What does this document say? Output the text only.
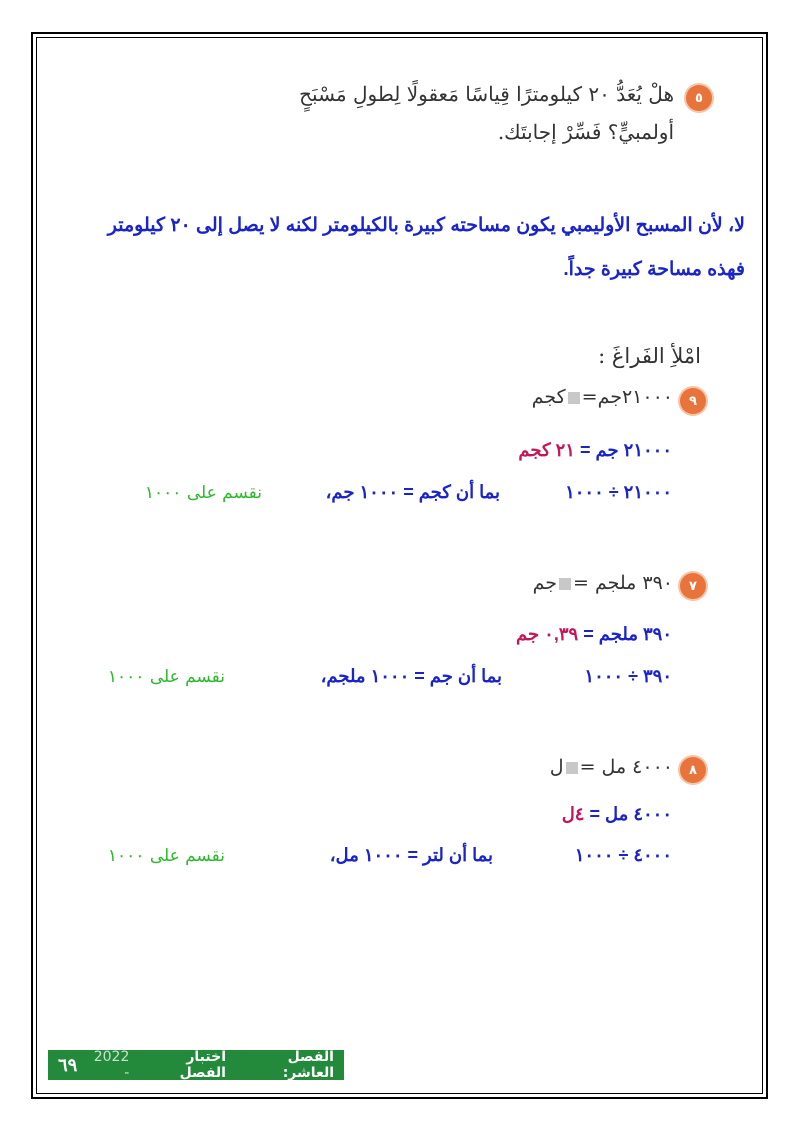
٥
هلْ يُعَدُّ ٢٠ كيلومترًا قِياسًا مَعقولًا لِطولِ مَسْبَحٍ
أولمبيٍّ؟ فَسِّرْ إجابتَك.
لا، لأن المسبح الأوليمبي يكون مساحته كبيرة بالكيلومتر لكنه لا يصل إلى ٢٠ كيلومتر
فهذه مساحة كبيرة جداً.
امْلأِ الفَراغَ :
٩
٢١٠٠٠جم=كجم
٢١٠٠٠ جم = ٢١ كجم
٢١٠٠٠ ÷ ١٠٠٠
بما أن كجم = ١٠٠٠ جم،
نقسم على ١٠٠٠
٧
٣٩٠ ملجم =جم
٣٩٠ ملجم = ٠,٣٩ جم
٣٩٠ ÷ ١٠٠٠
بما أن جم = ١٠٠٠ ملجم،
نقسم على ١٠٠٠
٨
٤٠٠٠ مل =ل
٤٠٠٠ مل = ٤ل
٤٠٠٠ ÷ ١٠٠٠
بما أن لتر = ١٠٠٠ مل،
نقسم على ١٠٠٠
الفصل العاشر:
اختبار الفصل
2022 -
٦٩
